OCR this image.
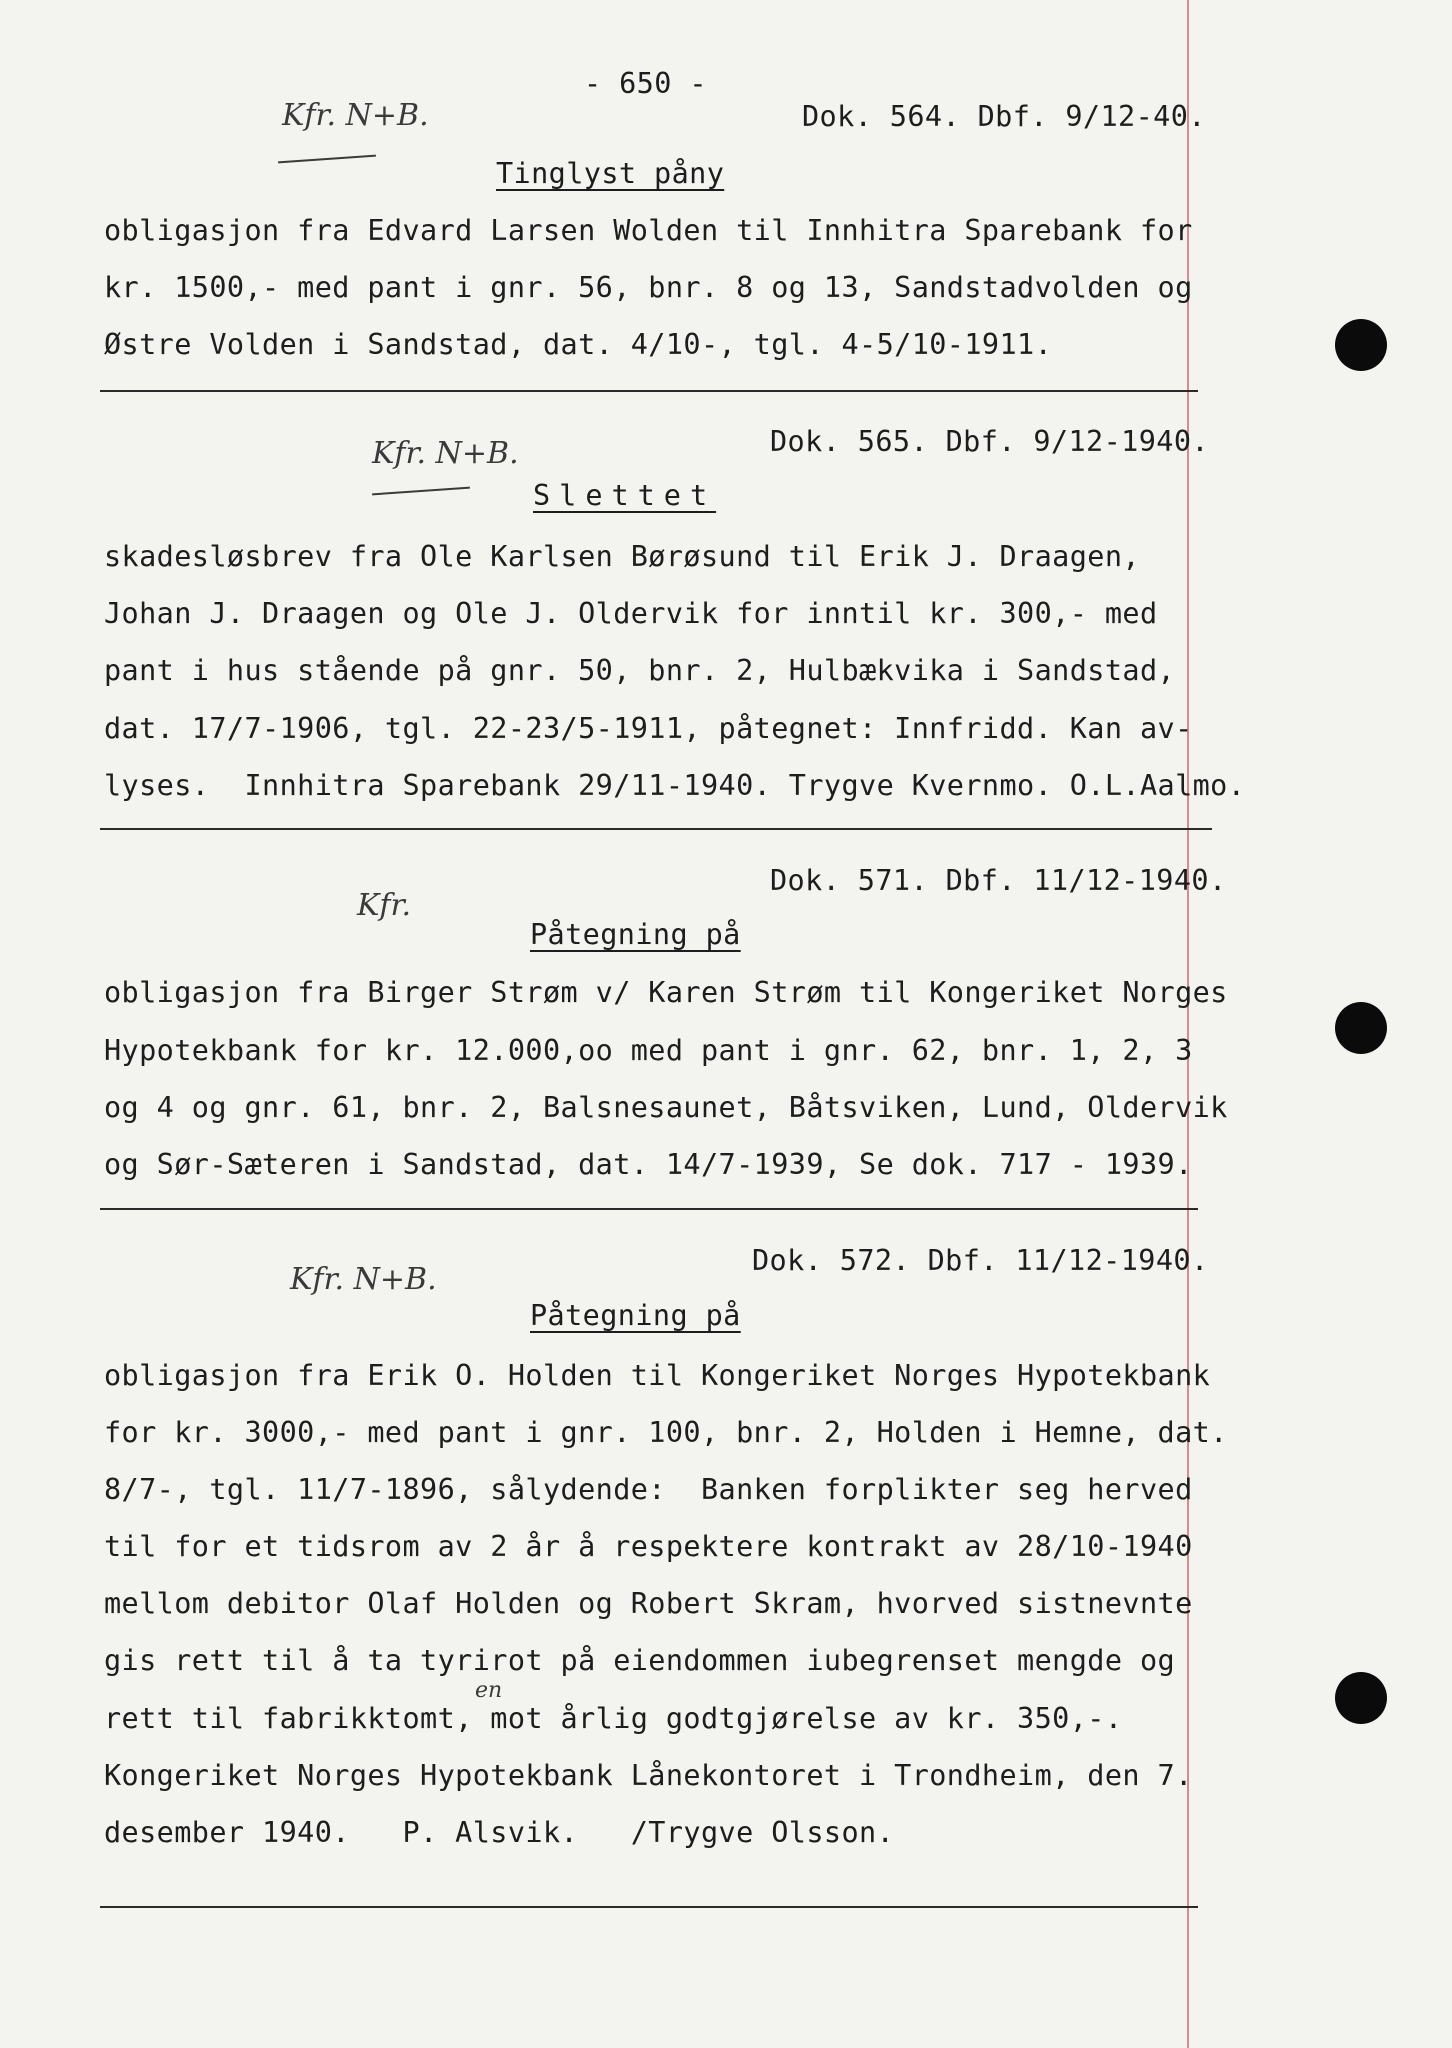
- 650 -
Dok. 564. Dbf. 9/12-40.
Kfr. N+B.
Tinglyst påny
obligasjon fra Edvard Larsen Wolden til Innhitra Sparebank for
kr. 1500,- med pant i gnr. 56, bnr. 8 og 13, Sandstadvolden og
Østre Volden i Sandstad, dat. 4/10-, tgl. 4-5/10-1911.
Dok. 565. Dbf. 9/12-1940.
Kfr. N+B.
Slettet
skadesløsbrev fra Ole Karlsen Børøsund til Erik J. Draagen,
Johan J. Draagen og Ole J. Oldervik for inntil kr. 300,- med
pant i hus stående på gnr. 50, bnr. 2, Hulbækvika i Sandstad,
dat. 17/7-1906, tgl. 22-23/5-1911, påtegnet: Innfridd. Kan av-
lyses.  Innhitra Sparebank 29/11-1940. Trygve Kvernmo. O.L.Aalmo.
Dok. 571. Dbf. 11/12-1940.
Kfr.
Påtegning på
obligasjon fra Birger Strøm v/ Karen Strøm til Kongeriket Norges
Hypotekbank for kr. 12.000,oo med pant i gnr. 62, bnr. 1, 2, 3
og 4 og gnr. 61, bnr. 2, Balsnesaunet, Båtsviken, Lund, Oldervik
og Sør-Sæteren i Sandstad, dat. 14/7-1939, Se dok. 717 - 1939.
Dok. 572. Dbf. 11/12-1940.
Kfr. N+B.
Påtegning på
obligasjon fra Erik O. Holden til Kongeriket Norges Hypotekbank
for kr. 3000,- med pant i gnr. 100, bnr. 2, Holden i Hemne, dat.
8/7-, tgl. 11/7-1896, sålydende:  Banken forplikter seg herved
til for et tidsrom av 2 år å respektere kontrakt av 28/10-1940
mellom debitor Olaf Holden og Robert Skram, hvorved sistnevnte
gis rett til å ta tyrirot på eiendommen iubegrenset mengde og
en
rett til fabrikktomt, mot årlig godtgjørelse av kr. 350,-.
Kongeriket Norges Hypotekbank Lånekontoret i Trondheim, den 7.
desember 1940.   P. Alsvik.   /Trygve Olsson.
